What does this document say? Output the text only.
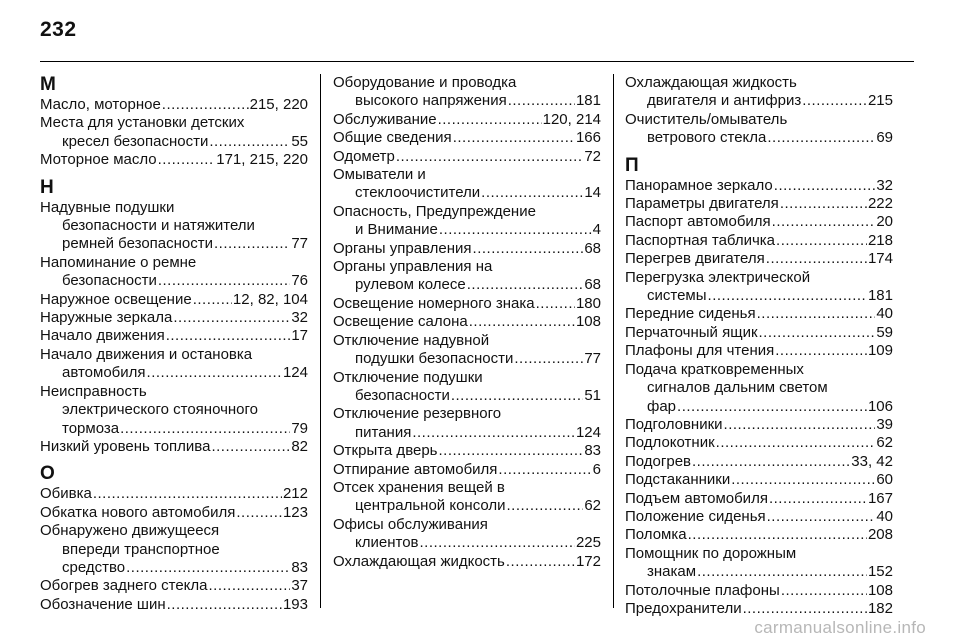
232
М
Масло, моторное .....	215, 220
Места для установки детских
кресел безопасности .....	55
Моторное масло .....	171, 215, 220
Н
Надувные подушки
безопасности и натяжители
ремней безопасности .....	77
Напоминание о ремне
безопасности .....	76
Наружное освещение .....	12, 82, 104
Наружные зеркала .....	32
Начало движения .....	17
Начало движения и остановка
автомобиля .....	124
Неисправность
электрического стояночного
тормоза .....	79
Низкий уровень топлива .....	82
О
Обивка .....	212
Обкатка нового автомобиля .....	123
Обнаружено движущееся
впереди транспортное
средство .....	83
Обогрев заднего стекла .....	37
Обозначение шин .....	193
Оборудование и проводка
высокого напряжения .....	181
Обслуживание .....	120, 214
Общие сведения .....	166
Одометр .....	72
Омыватели и
стеклоочистители .....	14
Опасность, Предупреждение
и Внимание .....	4
Органы управления .....	68
Органы управления на
рулевом колесе .....	68
Освещение номерного знака .....	180
Освещение салона .....	108
Отключение надувной
подушки безопасности .....	77
Отключение подушки
безопасности .....	51
Отключение резервного
питания .....	124
Открыта дверь .....	83
Отпирание автомобиля .....	6
Отсек хранения вещей в
центральной консоли .....	62
Офисы обслуживания
клиентов .....	225
Охлаждающая жидкость .....	172
Охлаждающая жидкость
двигателя и антифриз .....	215
Очиститель/омыватель
ветрового стекла .....	69
П
Панорамное зеркало .....	32
Параметры двигателя .....	222
Паспорт автомобиля .....	20
Паспортная табличка .....	218
Перегрев двигателя .....	174
Перегрузка электрической
системы .....	181
Передние сиденья .....	40
Перчаточный ящик .....	59
Плафоны для чтения .....	109
Подача кратковременных
сигналов дальним светом
фар .....	106
Подголовники .....	39
Подлокотник .....	62
Подогрев .....	33, 42
Подстаканники .....	60
Подъем автомобиля .....	167
Положение сиденья .....	40
Поломка .....	208
Помощник по дорожным
знакам .....	152
Потолочные плафоны .....	108
Предохранители .....	182
carmanualsonline.info
